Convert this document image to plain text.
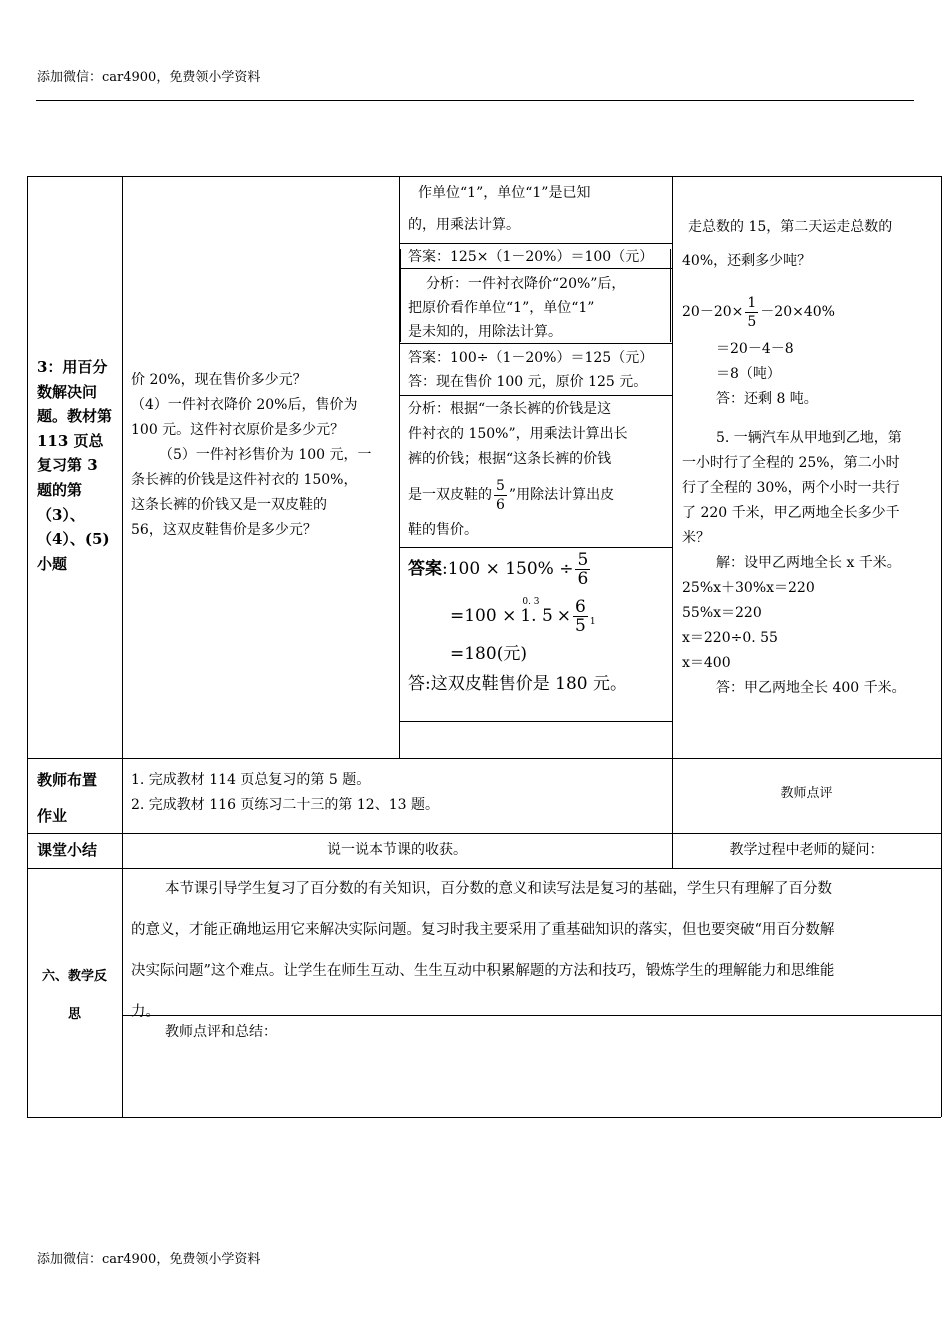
添加微信：car4900，免费领小学资料
添加微信：car4900，免费领小学资料
3：用百分
数解决问
题。教材第
113 页总
复习第 3
题的第
（3）、
（4）、(5)
小题
价 20%，现在售价多少元？
（4）一件衬衣降价 20%后，售价为
100 元。这件衬衣原价是多少元？
（5）一件衬衫售价为 100 元，一
条长裤的价钱是这件衬衣的 150%，
这条长裤的价钱又是一双皮鞋的
56，这双皮鞋售价是多少元？
作单位“1”，单位“1”是已知
的，用乘法计算。
答案：125×（1－20%）＝100（元）
分析：一件衬衣降价“20%”后，
把原价看作单位“1”，单位“1”
是未知的，用除法计算。
答案：100÷（1－20%）＝125（元）
答：现在售价 100 元，原价 125 元。
分析：根据“一条长裤的价钱是这
件衬衣的 150%”，用乘法计算出长
裤的价钱；根据“这条长裤的价钱
是一双皮鞋的 $\frac{5}{6}$ ”用除法计算出皮
鞋的售价。
答案 :100 × $150\% \div \frac{5}{6}$
=100 ×
0. 3
1. $5 \times \frac{6}{5} 1$
=180(元)
答:这双皮鞋售价是 180 元。
走总数的 15，第二天运走总数的
40%，还剩多少吨？
$20-20\times \frac{1}{5} -20\times 40\%$
＝20－4－8
＝8（吨）
答：还剩 8 吨。
5. 一辆汽车从甲地到乙地，第
一小时行了全程的 25%，第二小时
行了全程的 30%，两个小时一共行
了 220 千米，甲乙两地全长多少千
米？
解：设甲乙两地全长 x 千米。
25%x＋30%x＝220
55%x＝220
x＝220÷0. 55
x＝400
答：甲乙两地全长 400 千米。
教师布置
作业
1. 完成教材 114 页总复习的第 5 题。
2. 完成教材 116 页练习二十三的第 12、13 题。
教师点评
课堂小结	说一说本节课的收获。	教学过程中老师的疑问：
六、教学反
思
本节课引导学生复习了百分数的有关知识，百分数的意义和读写法是复习的基础，学生只有理解了百分数
的意义，才能正确地运用它来解决实际问题。复习时我主要采用了重基础知识的落实，但也要突破“用百分数解
决实际问题”这个难点。让学生在师生互动、生生互动中积累解题的方法和技巧，锻炼学生的理解能力和思维能
力。
教师点评和总结：
